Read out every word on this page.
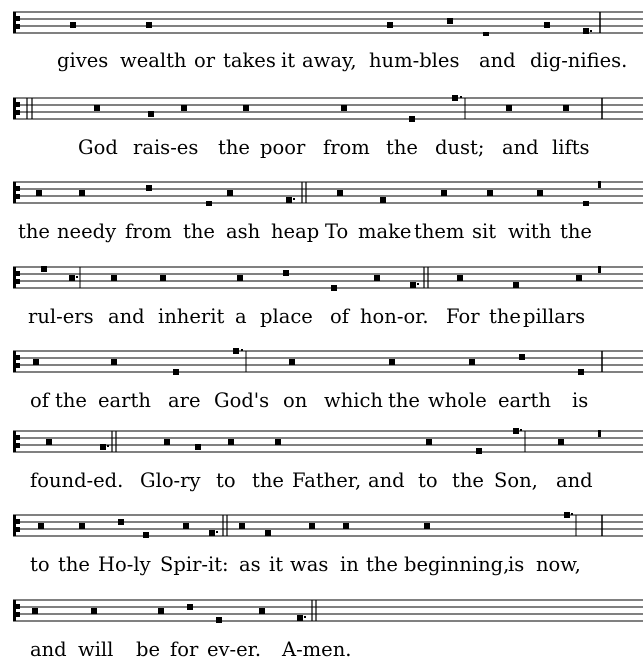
gives wealth or takes it away, hum-bles and dig-nifies.
God rais-es the poor from the dust; and lifts
the needy from the ash heap To make them sit with the
rul-ers and inherit a place of hon-or. For the pillars
of the earth are God's on which the whole earth is
found-ed. Glo-ry to the Father, and to the Son, and
to the Ho-ly Spir-it: as it was in the beginning,
is now,
and will be for ev-er. A-men.
